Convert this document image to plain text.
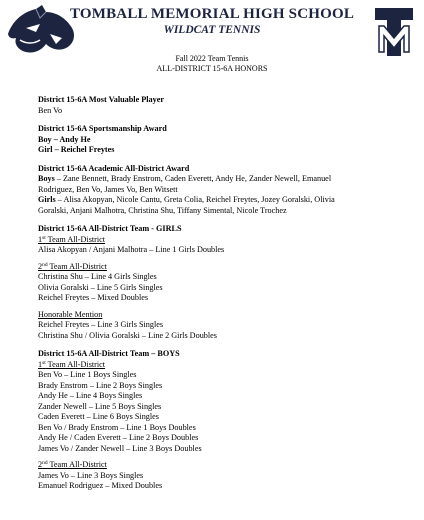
TOMBALL MEMORIAL HIGH SCHOOL
WILDCAT TENNIS
Fall 2022 Team Tennis
ALL-DISTRICT 15-6A HONORS
District 15-6A Most Valuable Player
Ben Vo
District 15-6A Sportsmanship Award
Boy – Andy He
Girl – Reichel Freytes
District 15-6A Academic All-District Award
Boys – Zane Bennett, Brady Enstrom, Caden Everett, Andy He, Zander Newell, Emanuel
Rodriguez, Ben Vo, James Vo, Ben Witsett
Girls – Alisa Akopyan, Nicole Cantu, Greta Colia, Reichel Freytes, Jozey Goralski, Olivia
Goralski, Anjani Malhotra, Christina Shu, Tiffany Simental, Nicole Trochez
District 15-6A All-District Team - GIRLS
1st Team All-District
Alisa Akopyan / Anjani Malhotra – Line 1 Girls Doubles
2nd Team All-District
Christina Shu – Line 4 Girls Singles
Olivia Goralski – Line 5 Girls Singles
Reichel Freytes – Mixed Doubles
Honorable Mention
Reichel Freytes – Line 3 Girls Singles
Christina Shu / Olivia Goralski – Line 2 Girls Doubles
District 15-6A All-District Team – BOYS
1st Team All-District
Ben Vo – Line 1 Boys Singles
Brady Enstrom – Line 2 Boys Singles
Andy He – Line 4 Boys Singles
Zander Newell – Line 5 Boys Singles
Caden Everett – Line 6 Boys Singles
Ben Vo / Brady Enstrom – Line 1 Boys Doubles
Andy He / Caden Everett – Line 2 Boys Doubles
James Vo / Zander Newell – Line 3 Boys Doubles
2nd Team All-District
James Vo – Line 3 Boys Singles
Emanuel Rodriguez – Mixed Doubles
